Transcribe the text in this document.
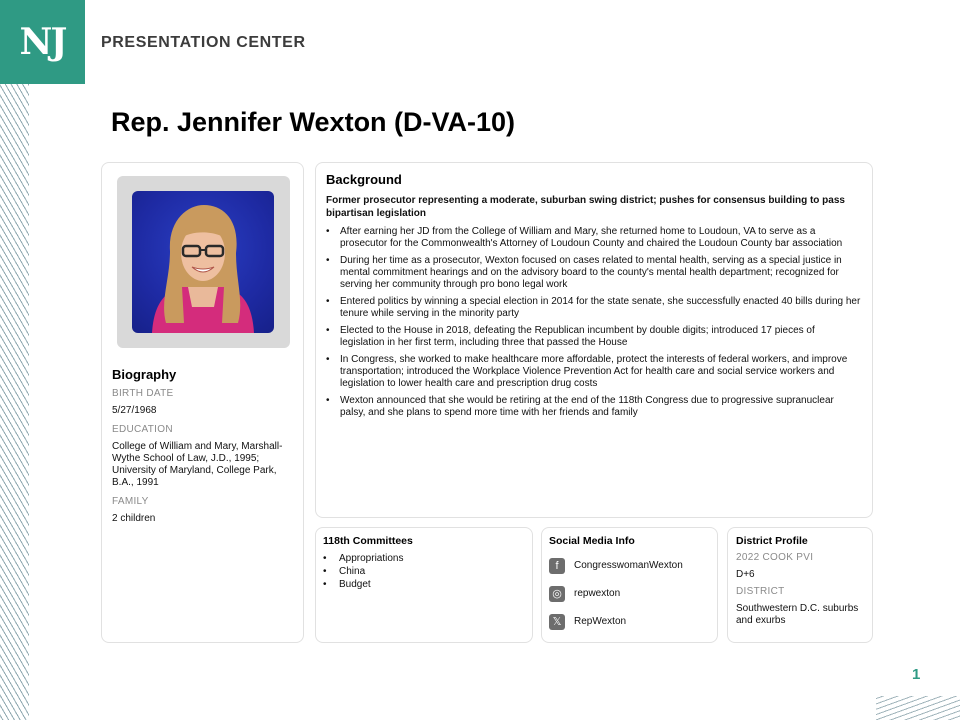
NJ PRESENTATION CENTER
Rep. Jennifer Wexton (D-VA-10)
Biography
BIRTH DATE
5/27/1968
EDUCATION
College of William and Mary, Marshall-Wythe School of Law, J.D., 1995; University of Maryland, College Park, B.A., 1991
FAMILY
2 children
Background
Former prosecutor representing a moderate, suburban swing district; pushes for consensus building to pass bipartisan legislation
• After earning her JD from the College of William and Mary, she returned home to Loudoun, VA to serve as a prosecutor for the Commonwealth's Attorney of Loudoun County and chaired the Loudoun County bar association
• During her time as a prosecutor, Wexton focused on cases related to mental health, serving as a special justice in mental commitment hearings and on the advisory board to the county's mental health department; recognized for serving her community through pro bono legal work
• Entered politics by winning a special election in 2014 for the state senate, she successfully enacted 40 bills during her tenure while serving in the minority party
• Elected to the House in 2018, defeating the Republican incumbent by double digits; introduced 17 pieces of legislation in her first term, including three that passed the House
• In Congress, she worked to make healthcare more affordable, protect the interests of federal workers, and improve transportation; introduced the Workplace Violence Prevention Act for health care and social service workers and legislation to lower health care and prescription drug costs
• Wexton announced that she would be retiring at the end of the 118th Congress due to progressive supranuclear palsy, and she plans to spend more time with her friends and family
118th Committees
• Appropriations
• China
• Budget
Social Media Info
f	CongresswomanWexton
◎	repwexton
𝕏	RepWexton
District Profile
2022 COOK PVI
D+6
DISTRICT
Southwestern D.C. suburbs and exurbs
1
